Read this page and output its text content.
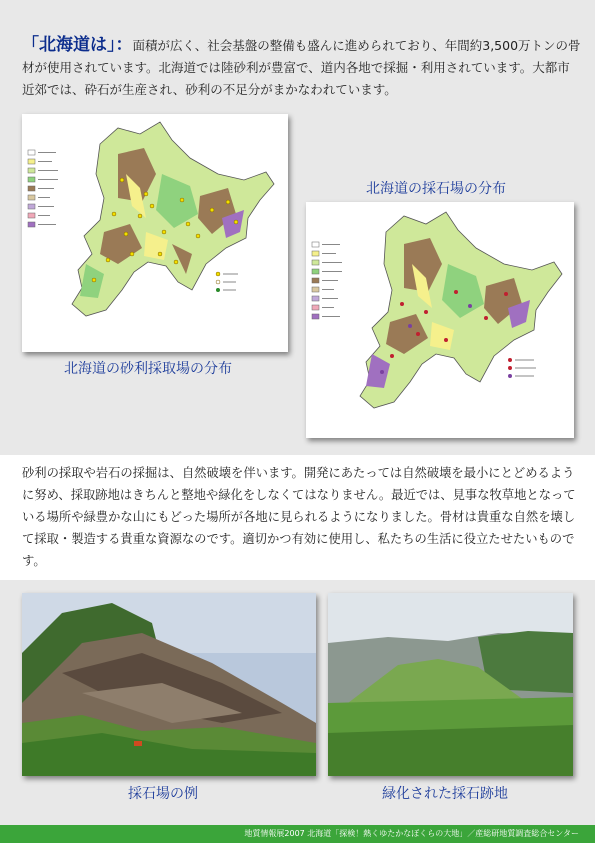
「北海道は」：面積が広く、社会基盤の整備も盛んに進められており、年間約3,500万トンの骨材が使用されています。北海道では陸砂利が豊富で、道内各地で採掘・利用されています。大都市近郊では、砕石が生産され、砂利の不足分がまかなわれています。
北海道の採石場の分布
北海道の砂利採取場の分布
砂利の採取や岩石の採掘は、自然破壊を伴います。開発にあたっては自然破壊を最小にとどめるように努め、採取跡地はきちんと整地や緑化をしなくてはなりません。最近では、見事な牧草地となっている場所や緑豊かな山にもどった場所が各地に見られるようになりました。骨材は貴重な自然を壊して採取・製造する貴重な資源なのです。適切かつ有効に使用し、私たちの生活に役立たせたいものです。
採石場の例	緑化された採石跡地
地質情報展2007 北海道「探検！熱くゆたかなぼくらの大地」／産総研地質調査総合センター
